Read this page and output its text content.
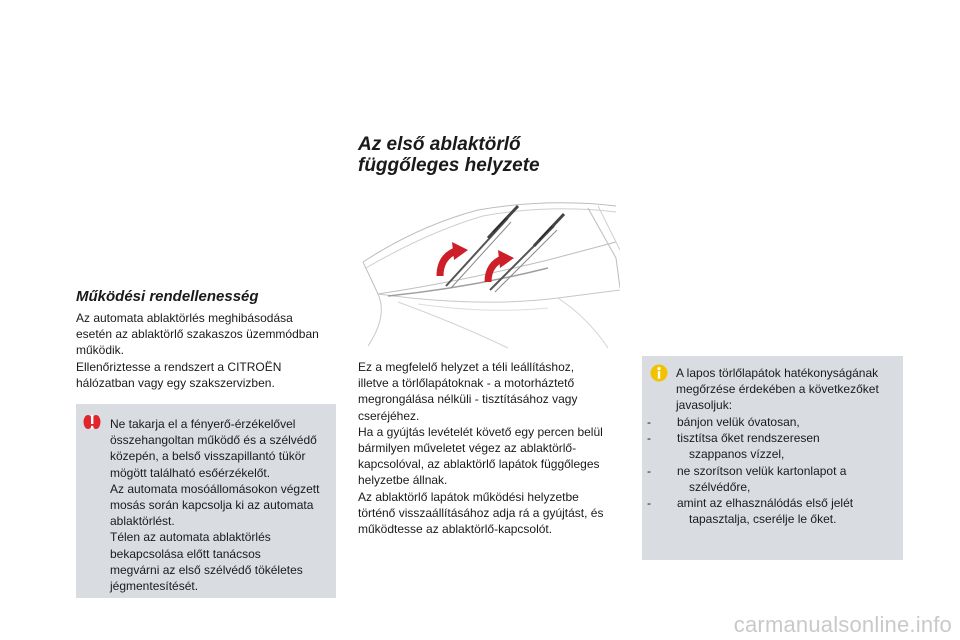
Az első ablaktörlő
függőleges helyzete
Ez a megfelelő helyzet a téli leállításhoz,
illetve a törlőlapátoknak - a motorháztető
megrongálása nélküli - tisztításához vagy
cseréjéhez.
Ha a gyújtás levételét követő egy percen belül
bármilyen műveletet végez az ablaktörlő-
kapcsolóval, az ablaktörlő lapátok függőleges
helyzetbe állnak.
Az ablaktörlő lapátok működési helyzetbe
történő visszaállításához adja rá a gyújtást, és
működtesse az ablaktörlő-kapcsolót.
Működési rendellenesség
Az automata ablaktörlés meghibásodása
esetén az ablaktörlő szakaszos üzemmódban
működik.
Ellenőriztesse a rendszert a CITROËN
hálózatban vagy egy szakszervizben.
Ne takarja el a fényerő-érzékelővel
összehangoltan működő és a szélvédő
közepén, a belső visszapillantó tükör
mögött található esőérzékelőt.
Az automata mosóállomásokon végzett
mosás során kapcsolja ki az automata
ablaktörlést.
Télen az automata ablaktörlés
bekapcsolása előtt tanácsos
megvárni az első szélvédő tökéletes
jégmentesítését.
A lapos törlőlapátok hatékonyságának
megőrzése érdekében a következőket
javasoljuk:
- bánjon velük óvatosan,
- tisztítsa őket rendszeresen
szappanos vízzel,
- ne szorítson velük kartonlapot a
szélvédőre,
- amint az elhasználódás első jelét
tapasztalja, cserélje le őket.
carmanualsonline.info
